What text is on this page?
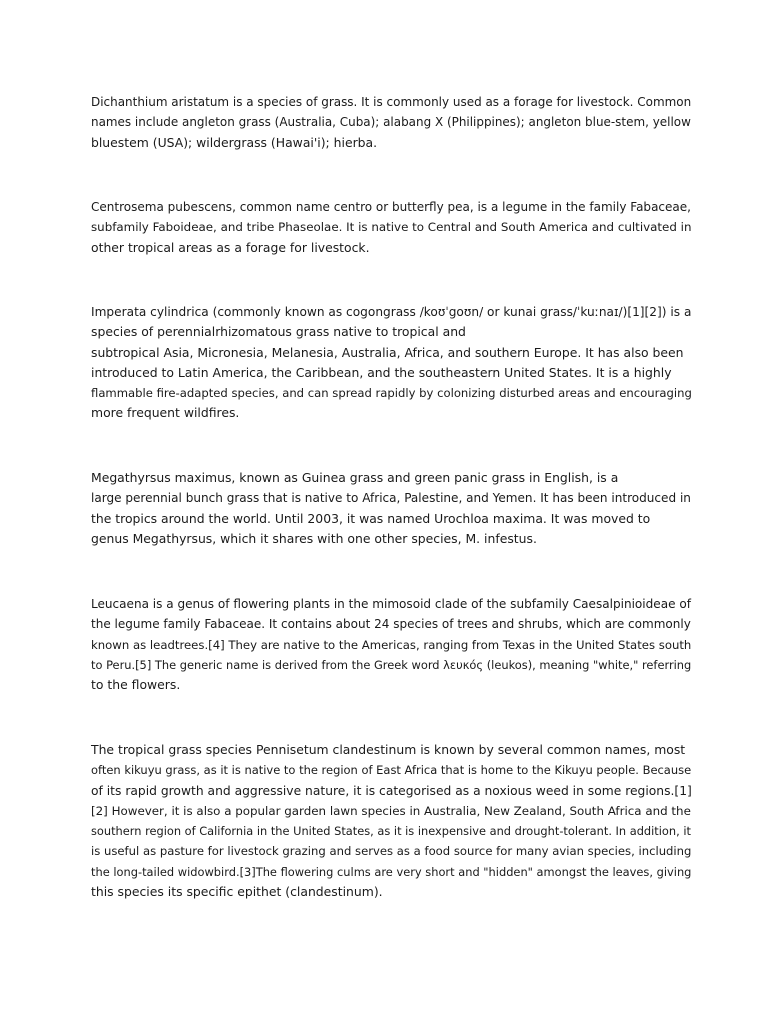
Dichanthium aristatum is a species of grass. It is commonly used as a forage for livestock. Common
names include angleton grass (Australia, Cuba); alabang X (Philippines); angleton blue-stem, yellow
bluestem (USA); wildergrass (Hawai'i); hierba.

Centrosema pubescens, common name centro or butterfly pea, is a legume in the family Fabaceae,
subfamily Faboideae, and tribe Phaseolae. It is native to Central and South America and cultivated in
other tropical areas as a forage for livestock.

Imperata cylindrica (commonly known as cogongrass /koʊˈgoʊn/ or kunai grass/ˈkuːnaɪ/)[1][2]) is a
species of perennialrhizomatous grass native to tropical and
subtropical Asia, Micronesia, Melanesia, Australia, Africa, and southern Europe. It has also been
introduced to Latin America, the Caribbean, and the southeastern United States. It is a highly
flammable fire-adapted species, and can spread rapidly by colonizing disturbed areas and encouraging
more frequent wildfires.

Megathyrsus maximus, known as Guinea grass and green panic grass in English, is a
large perennial bunch grass that is native to Africa, Palestine, and Yemen. It has been introduced in
the tropics around the world. Until 2003, it was named Urochloa maxima. It was moved to
genus Megathyrsus, which it shares with one other species, M. infestus.

Leucaena is a genus of flowering plants in the mimosoid clade of the subfamily Caesalpinioideae of
the legume family Fabaceae. It contains about 24 species of trees and shrubs, which are commonly
known as leadtrees.[4] They are native to the Americas, ranging from Texas in the United States south
to Peru.[5] The generic name is derived from the Greek word λευκός (leukos), meaning "white," referring
to the flowers.

The tropical grass species Pennisetum clandestinum is known by several common names, most
often kikuyu grass, as it is native to the region of East Africa that is home to the Kikuyu people. Because
of its rapid growth and aggressive nature, it is categorised as a noxious weed in some regions.[1]
[2] However, it is also a popular garden lawn species in Australia, New Zealand, South Africa and the
southern region of California in the United States, as it is inexpensive and drought-tolerant. In addition, it
is useful as pasture for livestock grazing and serves as a food source for many avian species, including
the long-tailed widowbird.[3]The flowering culms are very short and "hidden" amongst the leaves, giving
this species its specific epithet (clandestinum).
